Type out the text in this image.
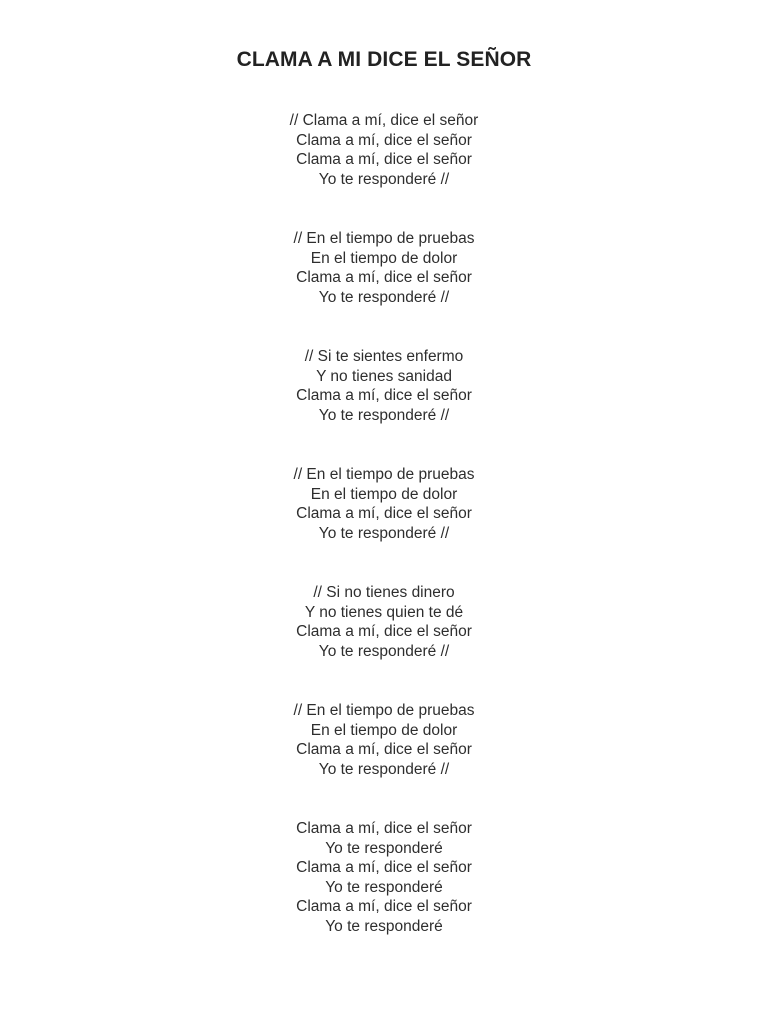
CLAMA A MI DICE EL SEÑOR

// Clama a mí, dice el señor
Clama a mí, dice el señor
Clama a mí, dice el señor
Yo te responderé //

// En el tiempo de pruebas
En el tiempo de dolor
Clama a mí, dice el señor
Yo te responderé //

// Si te sientes enfermo
Y no tienes sanidad
Clama a mí, dice el señor
Yo te responderé //

// En el tiempo de pruebas
En el tiempo de dolor
Clama a mí, dice el señor
Yo te responderé //

// Si no tienes dinero
Y no tienes quien te dé
Clama a mí, dice el señor
Yo te responderé //

// En el tiempo de pruebas
En el tiempo de dolor
Clama a mí, dice el señor
Yo te responderé //

Clama a mí, dice el señor
Yo te responderé
Clama a mí, dice el señor
Yo te responderé
Clama a mí, dice el señor
Yo te responderé
